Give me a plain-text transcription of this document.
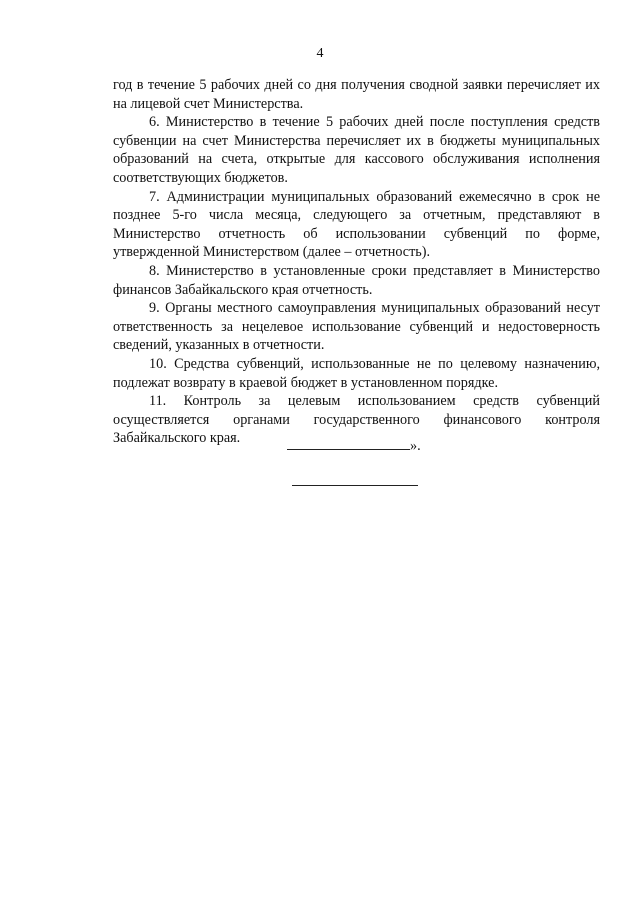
4

год в течение 5 рабочих дней со дня получения сводной заявки перечисляет их на лицевой счет Министерства.

6. Министерство в течение 5 рабочих дней после поступления средств субвенции на счет Министерства перечисляет их в бюджеты муниципальных образований на счета, открытые для кассового обслуживания исполнения соответствующих бюджетов.

7. Администрации муниципальных образований ежемесячно в срок не позднее 5-го числа месяца, следующего за отчетным, представляют в Министерство отчетность об использовании субвенций по форме, утвержденной Министерством (далее – отчетность).

8. Министерство в установленные сроки представляет в Министерство финансов Забайкальского края отчетность.

9. Органы местного самоуправления муниципальных образований несут ответственность за нецелевое использование субвенций и недостоверность сведений, указанных в отчетности.

10. Средства субвенций, использованные не по целевому назначению, подлежат возврату в краевой бюджет в установленном порядке.

11. Контроль за целевым использованием средств субвенций осуществляется органами государственного финансового контроля Забайкальского края.	».
